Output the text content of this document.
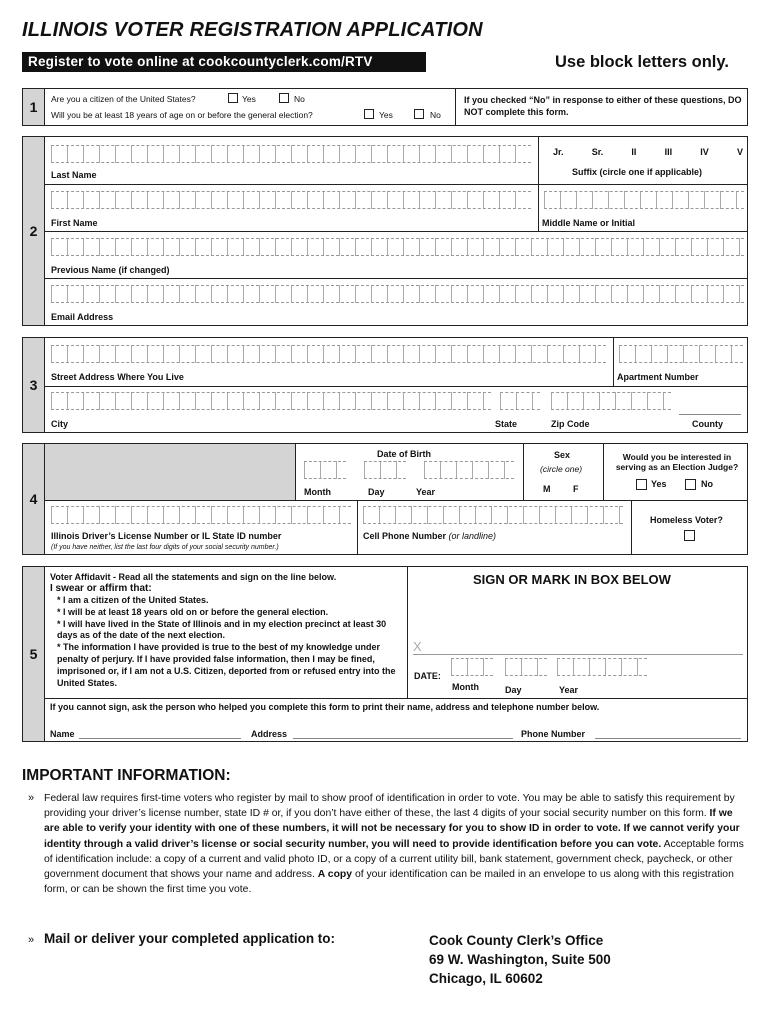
ILLINOIS VOTER REGISTRATION APPLICATION
Register to vote online at cookcountyclerk.com/RTV	Use block letters only.
1	Are you a citizen of the United States?	Yes	No
Will you be at least 18 years of age on or before the general election?	Yes	No
If you checked “No” in response to either of these questions, DO NOT complete this form.
2
Last Name
Jr.	Sr.	II	III	IV	V
Suffix (circle one if applicable)
First Name	Middle Name or Initial
Previous Name (if changed)
Email Address
3	Street Address Where You Live	Apartment Number
City	State	Zip Code	County
4
Date of Birth
Month	Day	Year
Sex
(circle one)
M	F
Would you be interested in serving as an Election Judge?
Yes	No
Illinois Driver’s License Number or IL State ID number
(If you have neither, list the last four digits of your social security number.)
Cell Phone Number (or landline)
Homeless Voter?
5
Voter Affidavit - Read all the statements and sign on the line below.
I swear or affirm that:
* I am a citizen of the United States.
* I will be at least 18 years old on or before the general election.
* I will have lived in the State of Illinois and in my election precinct at least 30 days as of the date of the next election.
* The information I have provided is true to the best of my knowledge under penalty of perjury. If I have provided false information, then I may be fined, imprisoned or, if I am not a U.S. Citizen, deported from or refused entry into the United States.
SIGN OR MARK IN BOX BELOW
X
DATE:
Month	Day	Year
If you cannot sign, ask the person who helped you complete this form to print their name, address and telephone number below.
Name	Address	Phone Number
IMPORTANT INFORMATION:
» Federal law requires first-time voters who register by mail to show proof of identification in order to vote. You may be able to satisfy this requirement by providing your driver’s license number, state ID # or, if you don’t have either of these, the last 4 digits of your social security number on this form. If we are able to verify your identity with one of these numbers, it will not be necessary for you to show ID in order to vote. If we cannot verify your identity through a valid driver’s license or social security number, you will need to provide identification before you can vote. Acceptable forms of identification include: a copy of a current and valid photo ID, or a copy of a current utility bill, bank statement, government check, paycheck, or other government document that shows your name and address. A copy of your identification can be mailed in an envelope to us along with this registration form, or can be shown the first time you vote.
» Mail or deliver your completed application to:	Cook County Clerk’s Office
69 W. Washington, Suite 500
Chicago, IL 60602
